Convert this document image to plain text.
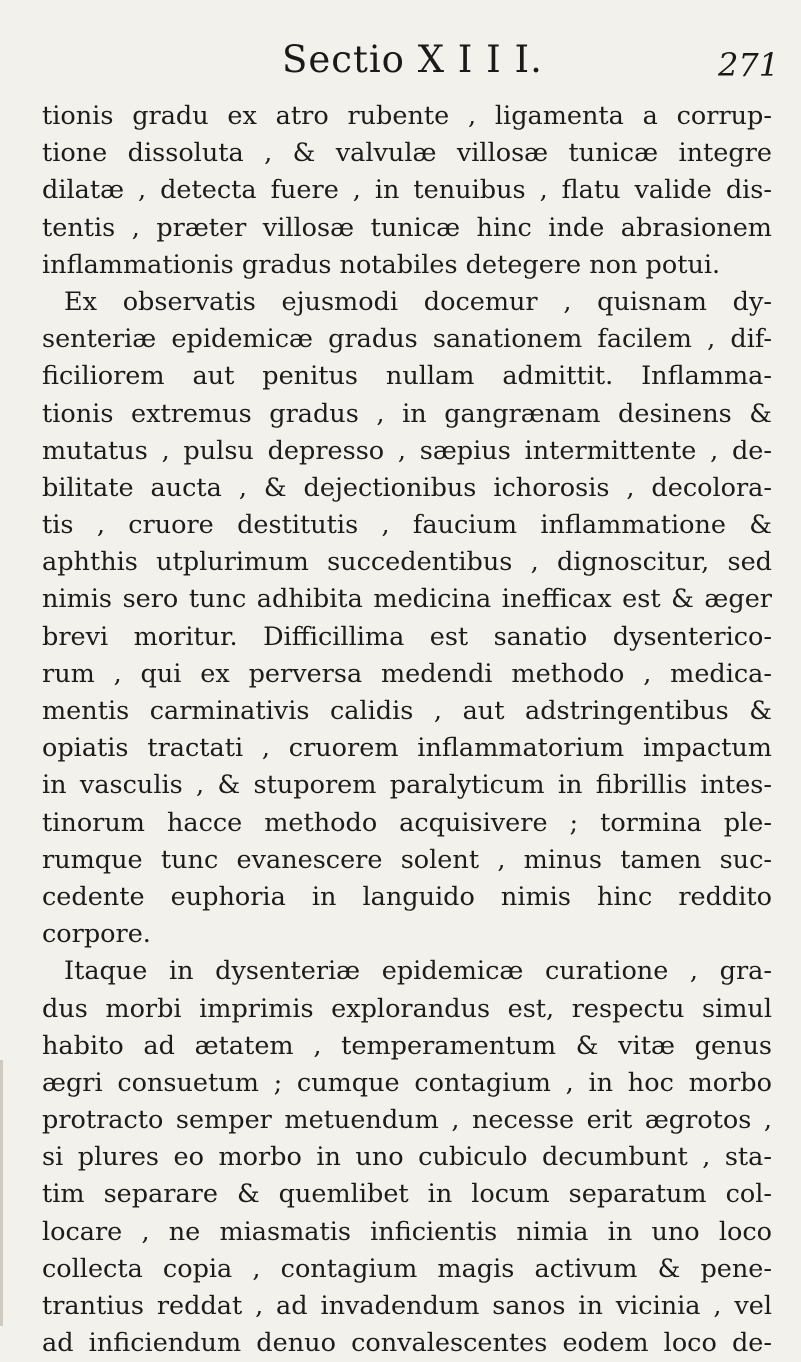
Sectio X I I I.	271
tionis gradu ex atro rubente , ligamenta a corrup-
tione dissoluta , & valvulæ villosæ tunicæ integre
dilatæ , detecta fuere , in tenuibus , flatu valide dis-
tentis , præter villosæ tunicæ hinc inde abrasionem
inflammationis gradus notabiles detegere non potui.
Ex observatis ejusmodi docemur , quisnam dy-
senteriæ epidemicæ gradus sanationem facilem , dif-
ficiliorem aut penitus nullam admittit. Inflamma-
tionis extremus gradus , in gangrænam desinens &
mutatus , pulsu depresso , sæpius intermittente , de-
bilitate aucta , & dejectionibus ichorosis , decolora-
tis , cruore destitutis , faucium inflammatione &
aphthis utplurimum succedentibus , dignoscitur, sed
nimis sero tunc adhibita medicina inefficax est & æger
brevi moritur. Difficillima est sanatio dysenterico-
rum , qui ex perversa medendi methodo , medica-
mentis carminativis calidis , aut adstringentibus &
opiatis tractati , cruorem inflammatorium impactum
in vasculis , & stuporem paralyticum in fibrillis intes-
tinorum hacce methodo acquisivere ; tormina ple-
rumque tunc evanescere solent , minus tamen suc-
cedente euphoria in languido nimis hinc reddito
corpore.
Itaque in dysenteriæ epidemicæ curatione , gra-
dus morbi imprimis explorandus est, respectu simul
habito ad ætatem , temperamentum & vitæ genus
ægri consuetum ; cumque contagium , in hoc morbo
protracto semper metuendum , necesse erit ægrotos ,
si plures eo morbo in uno cubiculo decumbunt , sta-
tim separare & quemlibet in locum separatum col-
locare , ne miasmatis inficientis nimia in uno loco
collecta copia , contagium magis activum & pene-
trantius reddat , ad invadendum sanos in vicinia , vel
ad inficiendum denuo convalescentes eodem loco de-
